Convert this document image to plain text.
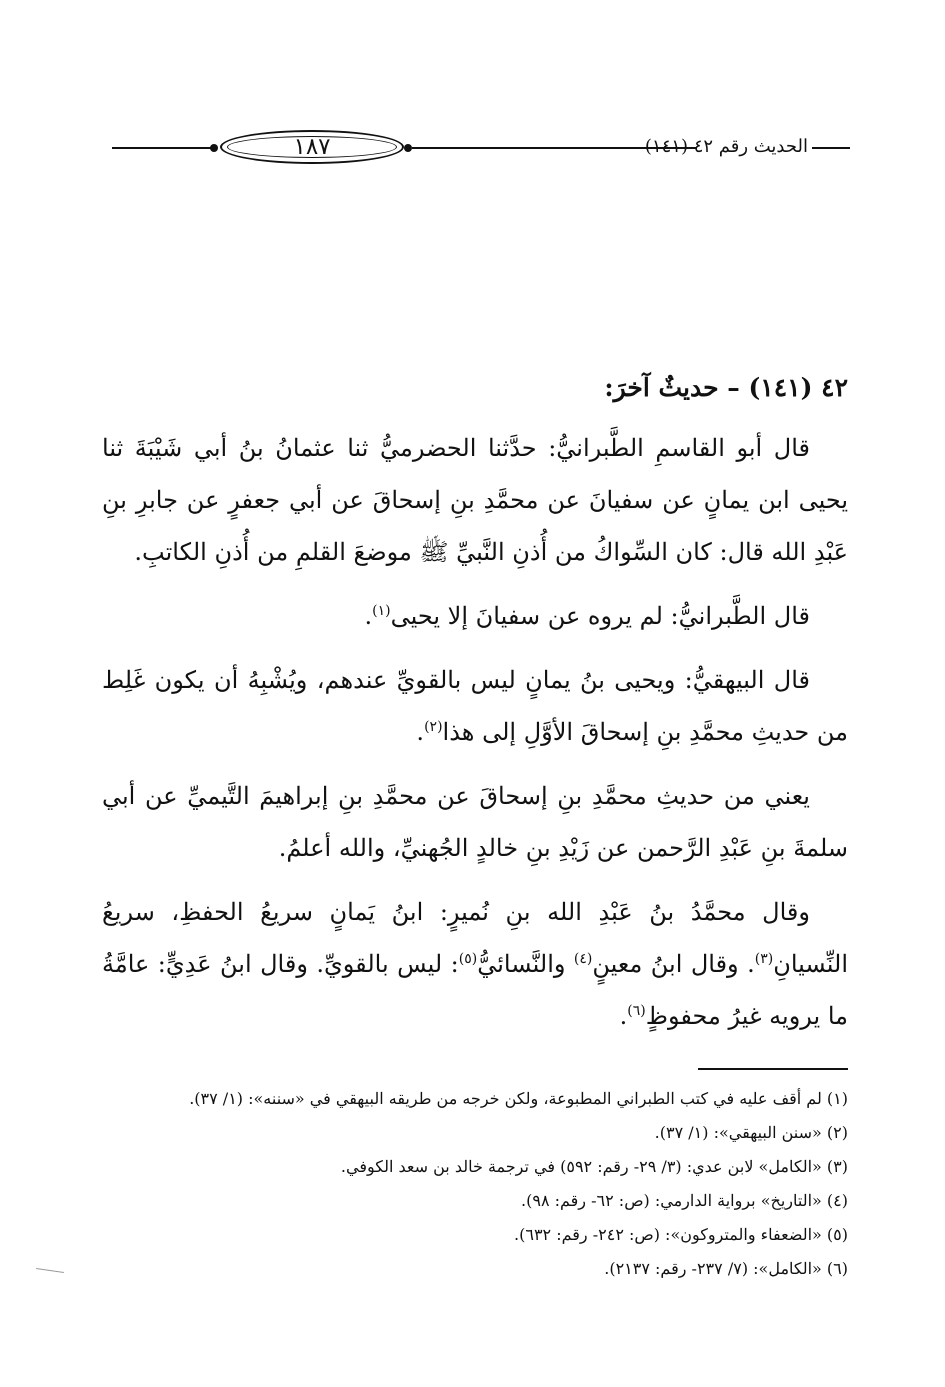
١٨٧	الحديث رقم ٤٢ (١٤١)
٤٢ (١٤١) – حديثٌ آخرَ:

قال أبو القاسمِ الطَّبرانيُّ: حدَّثنا الحضرميُّ ثنا عثمانُ بنُ أبي شَيْبَةَ ثنا يحيى ابن يمانٍ عن سفيانَ عن محمَّدِ بنِ إسحاقَ عن أبي جعفرٍ عن جابرِ بنِ عَبْدِ الله قال: كان السِّواكُ من أُذنِ النَّبيِّ ﷺ موضعَ القلمِ من أُذنِ الكاتبِ.

قال الطَّبرانيُّ: لم يروه عن سفيانَ إلا يحيى$^{(١)}$.

قال البيهقيُّ: ويحيى بنُ يمانٍ ليس بالقويِّ عندهم، ويُشْبِهُ أن يكون غَلِط من حديثِ محمَّدِ بنِ إسحاقَ الأوَّلِ إلى هذا$^{(٢)}$.

يعني من حديثِ محمَّدِ بنِ إسحاقَ عن محمَّدِ بنِ إبراهيمَ التَّيميِّ عن أبي سلمةَ بنِ عَبْدِ الرَّحمن عن زَيْدِ بنِ خالدٍ الجُهنيِّ، والله أعلمُ.

وقال محمَّدُ بنُ عَبْدِ الله بنِ نُميرٍ: ابنُ يَمانٍ سريعُ الحفظِ، سريعُ النِّسيانِ$^{(٣)}$. وقال ابنُ معينٍ$^{(٤)}$ والنَّسائيُّ$^{(٥)}$: ليس بالقويِّ. وقال ابنُ عَدِيٍّ: عامَّةُ ما يرويه غيرُ محفوظٍ$^{(٦)}$.

(١) لم أقف عليه في كتب الطبراني المطبوعة، ولكن خرجه من طريقه البيهقي في «سننه»: (١/ ٣٧).

(٢) «سنن البيهقي»: (١/ ٣٧).

(٣) «الكامل» لابن عدي: (٣/ ٢٩- رقم: ٥٩٢) في ترجمة خالد بن سعد الكوفي.

(٤) «التاريخ» برواية الدارمي: (ص: ٦٢- رقم: ٩٨).

(٥) «الضعفاء والمتروكون»: (ص: ٢٤٢- رقم: ٦٣٢).

(٦) «الكامل»: (٧/ ٢٣٧- رقم: ٢١٣٧).
